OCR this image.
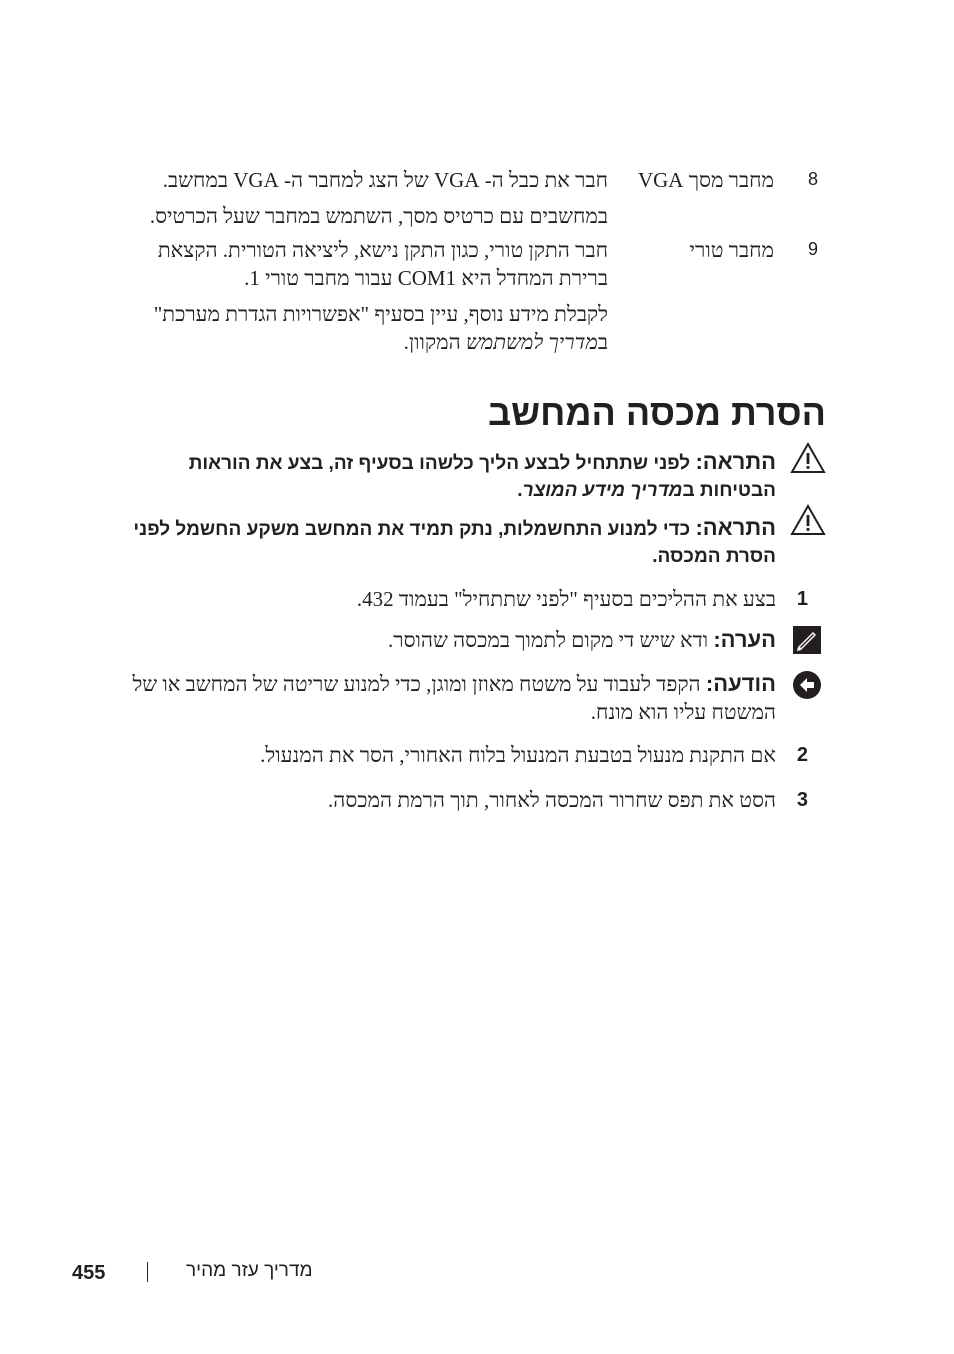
8
מחבר מסך VGA
חבר את כבל ה- VGA של הצג למחבר ה- VGA במחשב.
במחשבים עם כרטיס מסך, השתמש במחבר שעל הכרטיס.
9
מחבר טורי
חבר התקן טורי, כגון התקן נישא, ליציאה הטורית. הקצאת ברירת המחדל היא COM1 עבור מחבר טורי 1.
לקבלת מידע נוסף, עיין בסעיף "אפשרויות הגדרת מערכת" במדריך למשתמש המקוון.
הסרת מכסה המחשב
התראה: לפני שתתחיל לבצע הליך כלשהו בסעיף זה, בצע את הוראות הבטיחות במדריך מידע המוצר.
התראה: כדי למנוע התחשמלות, נתק תמיד את המחשב משקע החשמל לפני הסרת המכסה.
1
בצע את ההליכים בסעיף "לפני שתתחיל" בעמוד 432.
הערה: ודא שיש די מקום לתמוך במכסה שהוסר.
הודעה: הקפד לעבוד על משטח מאוזן ומוגן, כדי למנוע שריטה של המחשב או של המשטח עליו הוא מונח.
2
אם התקנת מנעול בטבעת המנעול בלוח האחורי, הסר את המנעול.
3
הסט את תפס שחרור המכסה לאחור, תוך הרמת המכסה.
455	מדריך עזר מהיר
